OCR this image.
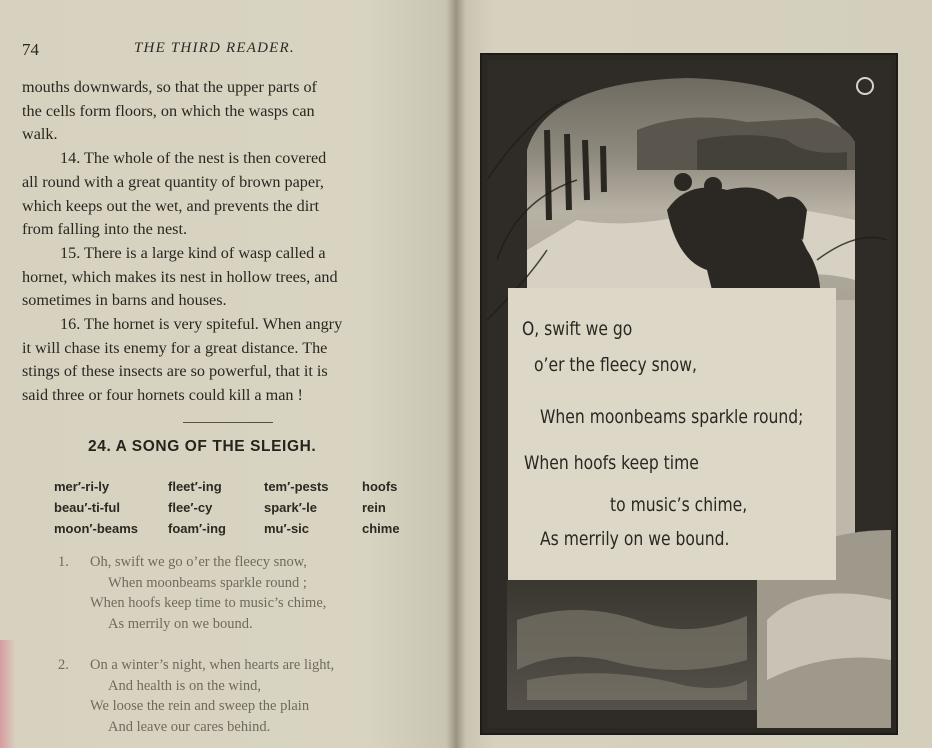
74	THE THIRD READER.

mouths downwards, so that the upper parts of

the cells form floors, on which the wasps can

walk.

14. The whole of the nest is then covered

all round with a great quantity of brown paper,

which keeps out the wet, and prevents the dirt

from falling into the nest.

15. There is a large kind of wasp called a

hornet, which makes its nest in hollow trees, and

sometimes in barns and houses.

16. The hornet is very spiteful. When angry

it will chase its enemy for a great distance. The

stings of these insects are so powerful, that it is

said three or four hornets could kill a man !

24. A SONG OF THE SLEIGH.
mer′-ri-ly
beau′-ti-ful
moon′-beams
fleet′-ing
flee′-cy
foam′-ing
tem′-pests
spark′-le
mu′-sic
hoofs
rein
chime
1. Oh, swift we go o’er the fleecy snow,
When moonbeams sparkle round ;
When hoofs keep time to music’s chime,
As merrily on we bound.
2. On a winter’s night, when hearts are light,
And health is on the wind,
We loose the rein and sweep the plain
And leave our cares behind.
O, swift we go
o’er the fleecy snow,
When moonbeams sparkle round;
When hoofs keep time
to music’s chime,
As merrily on we bound.
